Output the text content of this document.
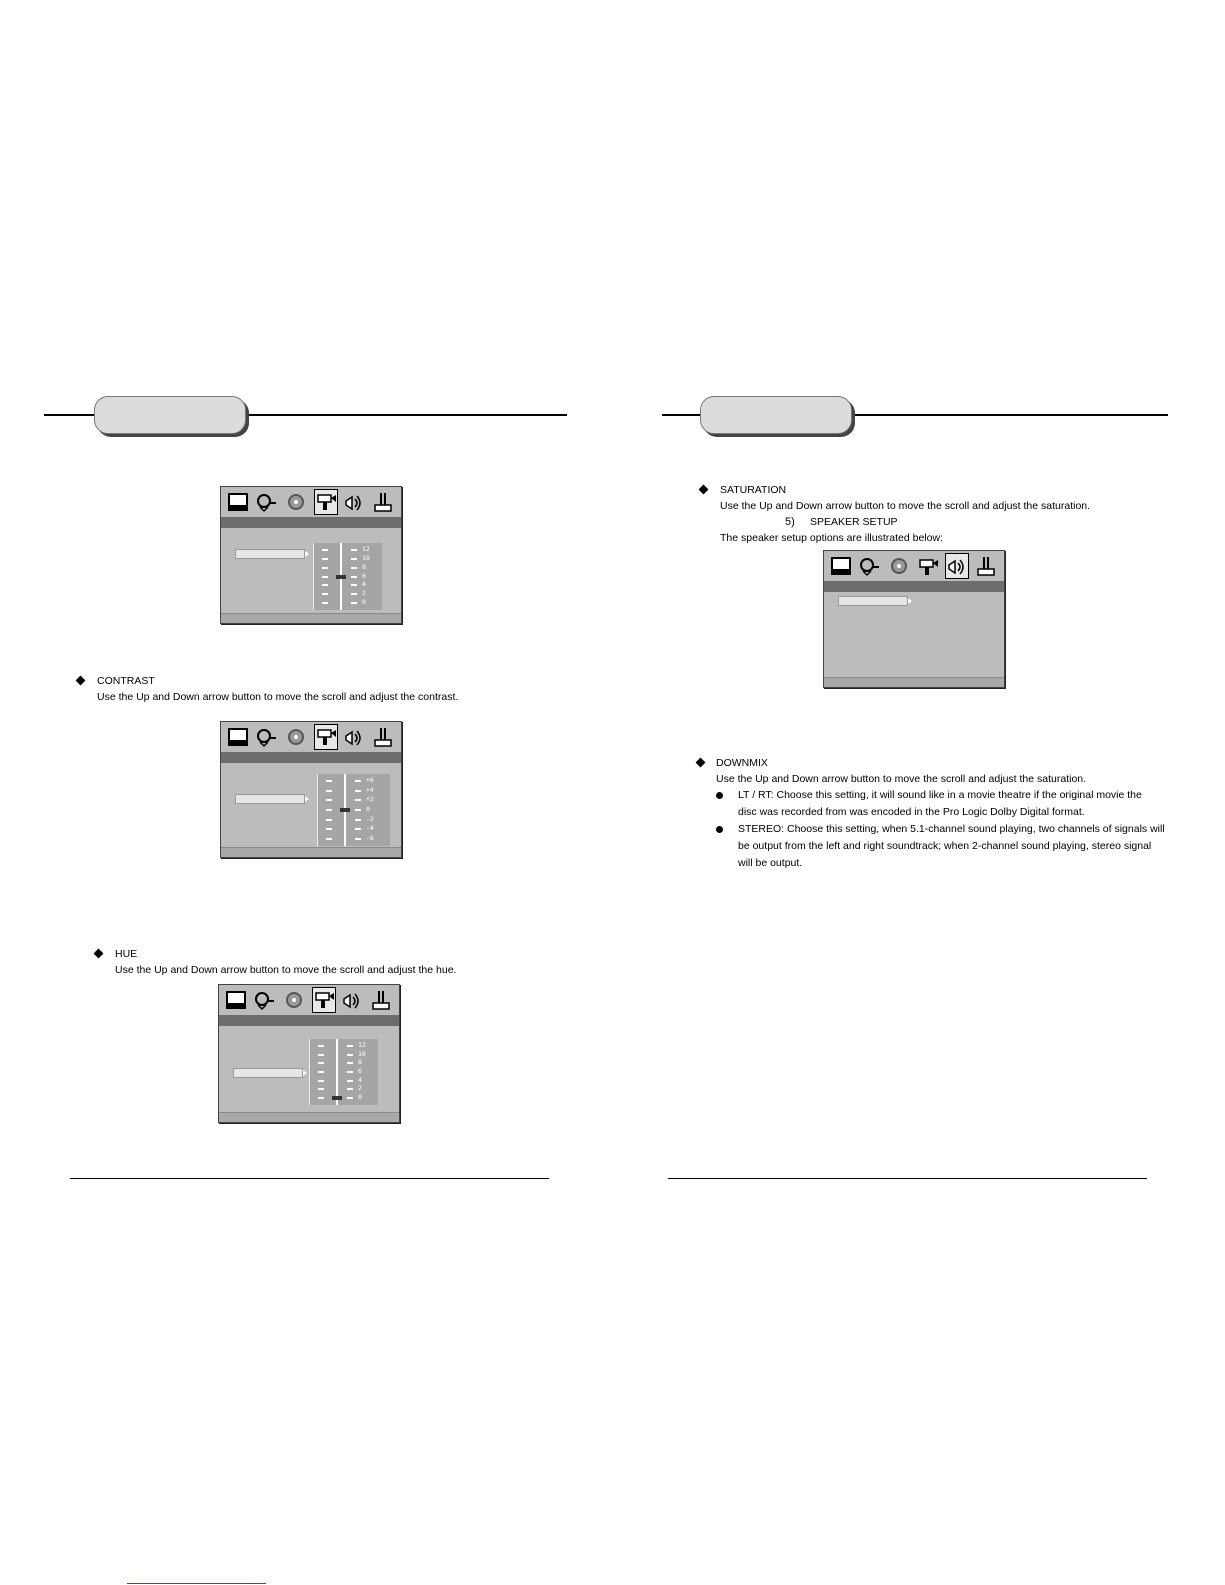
12
10
8
6
4
2
0
CONTRAST
Use the Up and Down arrow button to move the scroll and adjust the contrast.
+6
+4
+2
0
-2
-4
-6
HUE
Use the Up and Down arrow button to move the scroll and adjust the hue.
12
10
8
6
4
2
0
SATURATION
Use the Up and Down arrow button to move the scroll and adjust the saturation.
5) SPEAKER SETUP
The speaker setup options are illustrated below:
DOWNMIX
Use the Up and Down arrow button to move the scroll and adjust the saturation.
LT / RT: Choose this setting, it will sound like in a movie theatre if the original movie the
disc was recorded from was encoded in the Pro Logic Dolby Digital format.
STEREO: Choose this setting, when 5.1-channel sound playing, two channels of signals will
be output from the left and right soundtrack; when 2-channel sound playing, stereo signal
will be output.
